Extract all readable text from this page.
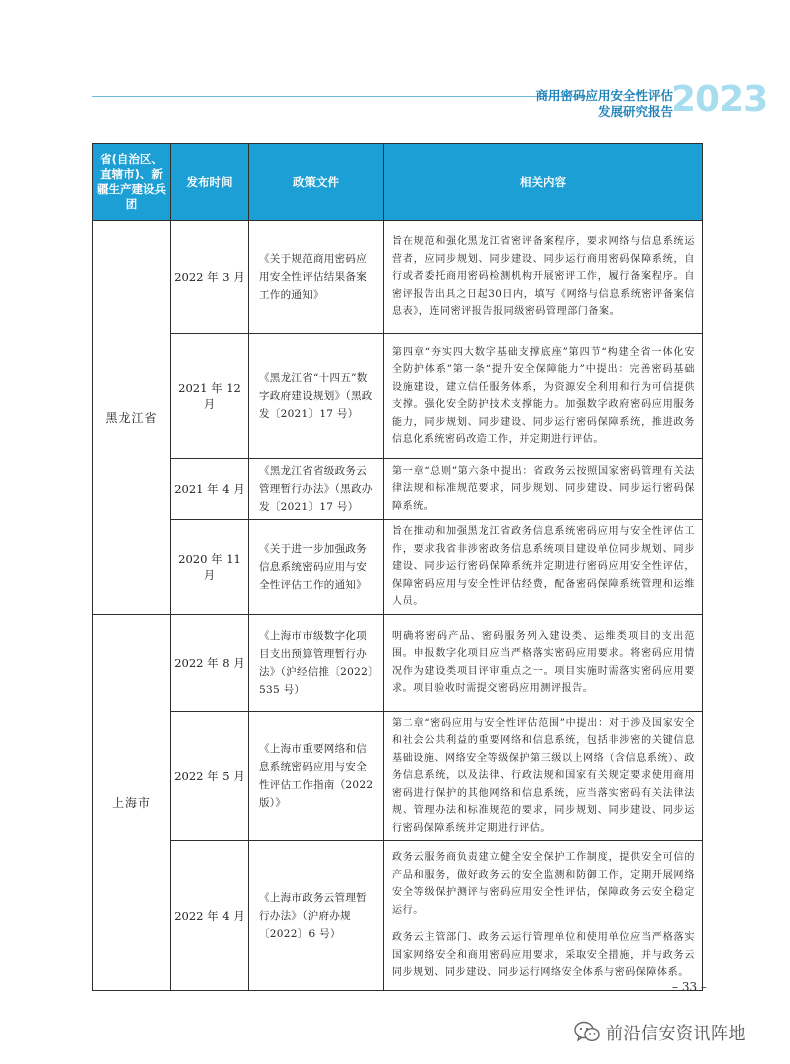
商用密码应用安全性评估
发展研究报告
2023
省(自治区、直辖市)、新疆生产建设兵团	发布时间	政策文件	相关内容
黑龙江省	2022 年 3 月	《关于规范商用密码应用安全性评估结果备案工作的通知》	旨在规范和强化黑龙江省密评备案程序，要求网络与信息系统运营者，应同步规划、同步建设、同步运行商用密码保障系统，自行或者委托商用密码检测机构开展密评工作，履行备案程序。自密评报告出具之日起30日内，填写《网络与信息系统密评备案信息表》，连同密评报告报同级密码管理部门备案。

	2021 年 12 月	《黑龙江省“十四五”数字政府建设规划》（黑政发〔2021〕17 号）	第四章“夯实四大数字基础支撑底座”第四节“构建全省一体化安全防护体系”第一条“提升安全保障能力”中提出：完善密码基础设施建设，建立信任服务体系，为资源安全利用和行为可信提供支撑。强化安全防护技术支撑能力。加强数字政府密码应用服务能力，同步规划、同步建设、同步运行密码保障系统，推进政务信息化系统密码改造工作，并定期进行评估。

	2021 年 4 月	《黑龙江省省级政务云管理暂行办法》（黑政办发〔2021〕17 号）	第一章“总则”第六条中提出：省政务云按照国家密码管理有关法律法规和标准规范要求，同步规划、同步建设、同步运行密码保障系统。

	2020 年 11 月	《关于进一步加强政务信息系统密码应用与安全性评估工作的通知》	旨在推动和加强黑龙江省政务信息系统密码应用与安全性评估工作，要求我省非涉密政务信息系统项目建设单位同步规划、同步建设、同步运行密码保障系统并定期进行密码应用安全性评估，保障密码应用与安全性评估经费，配备密码保障系统管理和运维人员。

上海市	2022 年 8 月	《上海市市级数字化项目支出预算管理暂行办法》（沪经信推〔2022〕535 号）	明确将密码产品、密码服务列入建设类、运维类项目的支出范围。申报数字化项目应当严格落实密码应用要求。将密码应用情况作为建设类项目评审重点之一。项目实施时需落实密码应用要求。项目验收时需提交密码应用测评报告。

	2022 年 5 月	《上海市重要网络和信息系统密码应用与安全性评估工作指南（2022 版）》	第二章“密码应用与安全性评估范围”中提出：对于涉及国家安全和社会公共利益的重要网络和信息系统，包括非涉密的关键信息基础设施、网络安全等级保护第三级以上网络（含信息系统）、政务信息系统，以及法律、行政法规和国家有关规定要求使用商用密码进行保护的其他网络和信息系统，应当落实密码有关法律法规、管理办法和标准规范的要求，同步规划、同步建设、同步运行密码保障系统并定期进行评估。

	2022 年 4 月	《上海市政务云管理暂行办法》（沪府办规〔2022〕6 号）	政务云服务商负责建立健全安全保护工作制度，提供安全可信的产品和服务，做好政务云的安全监测和防御工作，定期开展网络安全等级保护测评与密码应用安全性评估，保障政务云安全稳定运行。

政务云主管部门、政务云运行管理单位和使用单位应当严格落实国家网络安全和商用密码应用要求，采取安全措施，并与政务云同步规划、同步建设、同步运行网络安全体系与密码保障体系。

– 33 –
前沿信安资讯阵地
